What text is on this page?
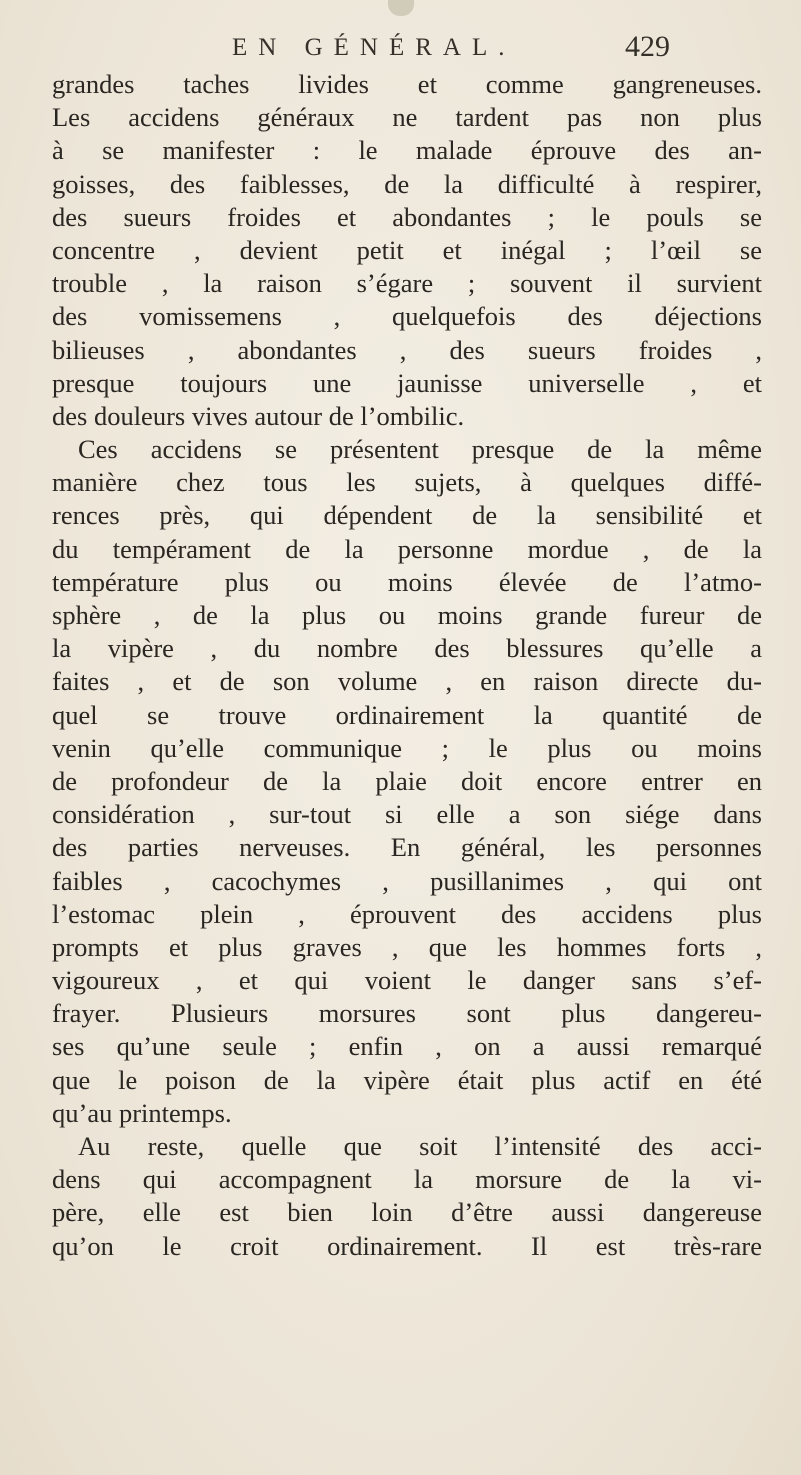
EN GÉNÉRAL.	429
grandes taches livides et comme gangreneuses.
Les accidens généraux ne tardent pas non plus
à se manifester : le malade éprouve des an-
goisses, des faiblesses, de la difficulté à respirer,
des sueurs froides et abondantes ; le pouls se
concentre , devient petit et inégal ; l’œil se
trouble , la raison s’égare ; souvent il survient
des vomissemens , quelquefois des déjections
bilieuses , abondantes , des sueurs froides ,
presque toujours une jaunisse universelle , et
des douleurs vives autour de l’ombilic.
Ces accidens se présentent presque de la même
manière chez tous les sujets, à quelques diffé-
rences près, qui dépendent de la sensibilité et
du tempérament de la personne mordue , de la
température plus ou moins élevée de l’atmo-
sphère , de la plus ou moins grande fureur de
la vipère , du nombre des blessures qu’elle a
faites , et de son volume , en raison directe du-
quel se trouve ordinairement la quantité de
venin qu’elle communique ; le plus ou moins
de profondeur de la plaie doit encore entrer en
considération , sur-tout si elle a son siége dans
des parties nerveuses. En général, les personnes
faibles , cacochymes , pusillanimes , qui ont
l’estomac plein , éprouvent des accidens plus
prompts et plus graves , que les hommes forts ,
vigoureux , et qui voient le danger sans s’ef-
frayer. Plusieurs morsures sont plus dangereu-
ses qu’une seule ; enfin , on a aussi remarqué
que le poison de la vipère était plus actif en été
qu’au printemps.
Au reste, quelle que soit l’intensité des acci-
dens qui accompagnent la morsure de la vi-
père, elle est bien loin d’être aussi dangereuse
qu’on le croit ordinairement. Il est très-rare
